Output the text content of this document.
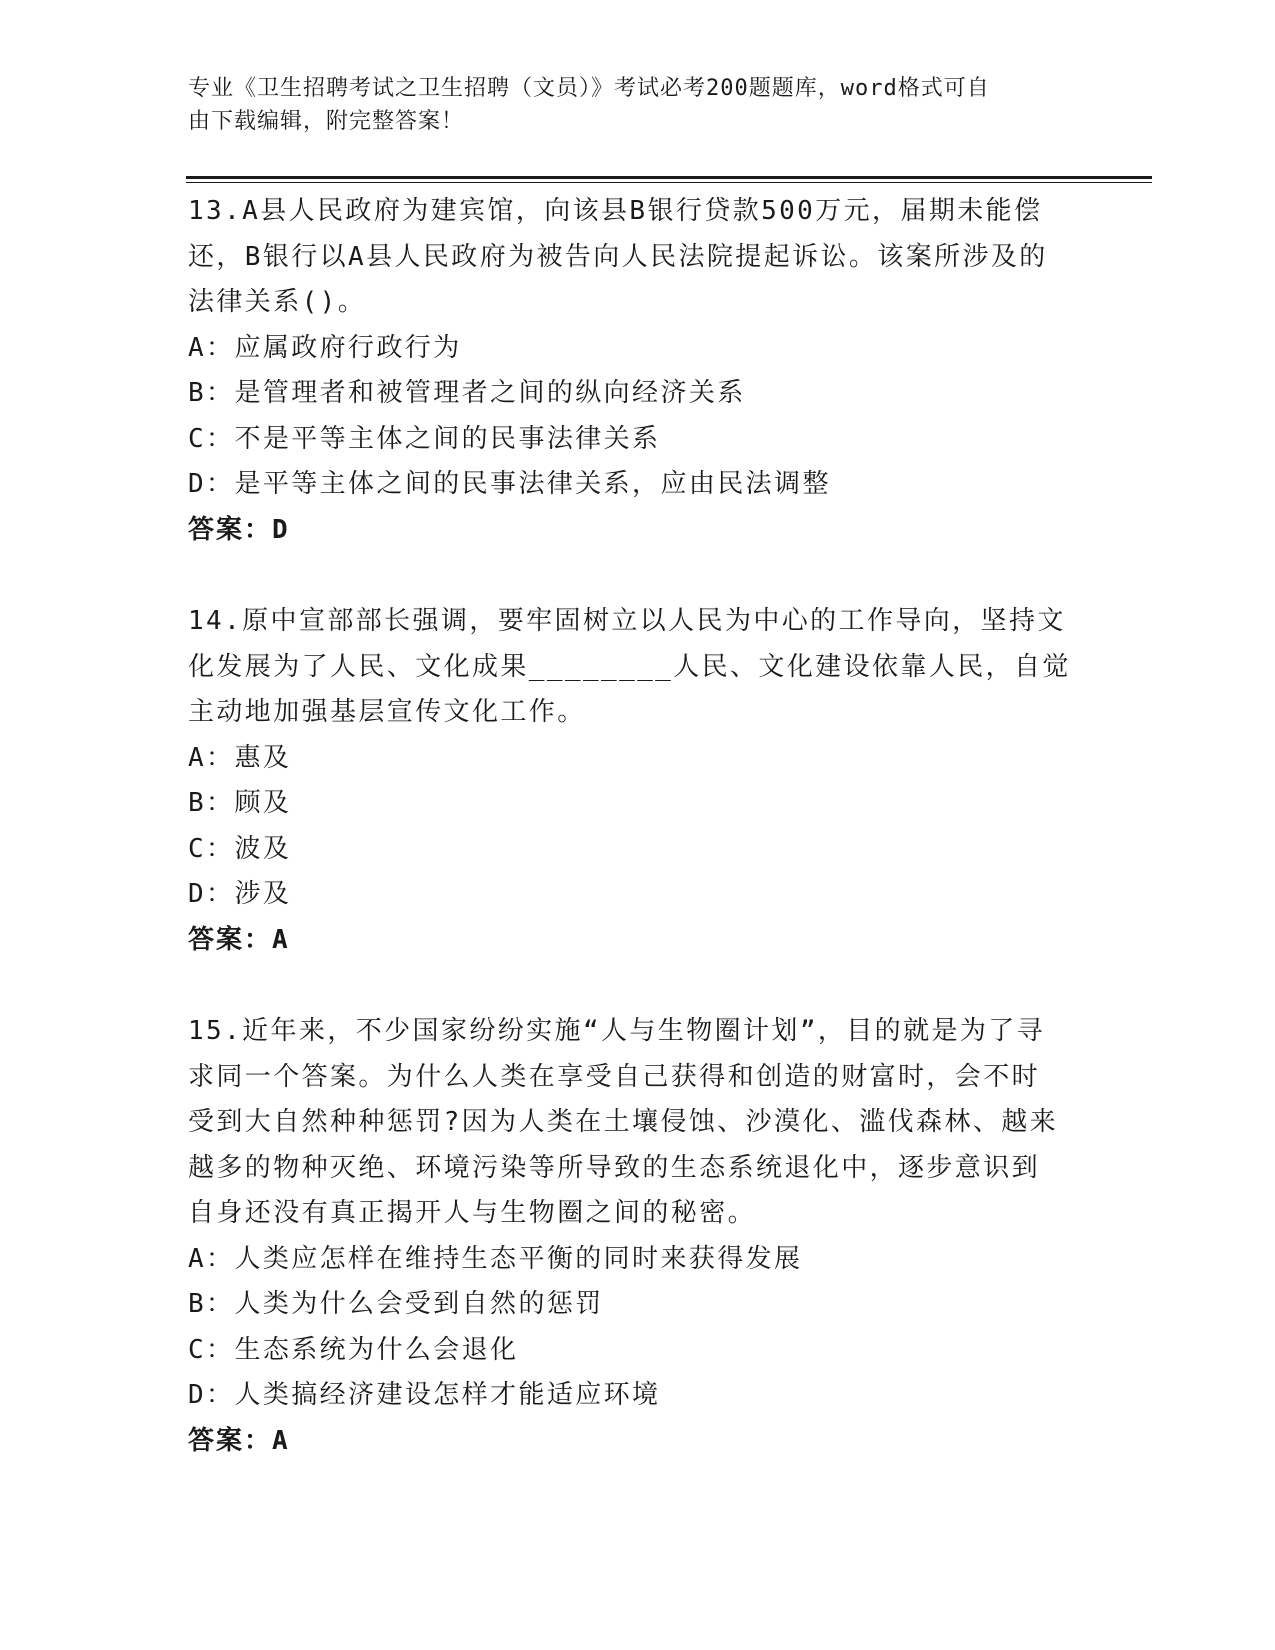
专业《卫生招聘考试之卫生招聘（文员）》考试必考200题题库，word格式可自
由下载编辑，附完整答案！

13.A县人民政府为建宾馆，向该县B银行贷款500万元，届期未能偿

还，B银行以A县人民政府为被告向人民法院提起诉讼。该案所涉及的

法律关系()。

A：应属政府行政行为

B：是管理者和被管理者之间的纵向经济关系

C：不是平等主体之间的民事法律关系

D：是平等主体之间的民事法律关系，应由民法调整

答案：D

14.原中宣部部长强调，要牢固树立以人民为中心的工作导向，坚持文

化发展为了人民、文化成果________人民、文化建设依靠人民，自觉

主动地加强基层宣传文化工作。

A：惠及

B：顾及

C：波及

D：涉及

答案：A

15.近年来，不少国家纷纷实施“人与生物圈计划”，目的就是为了寻

求同一个答案。为什么人类在享受自己获得和创造的财富时，会不时

受到大自然种种惩罚?因为人类在土壤侵蚀、沙漠化、滥伐森林、越来

越多的物种灭绝、环境污染等所导致的生态系统退化中，逐步意识到

自身还没有真正揭开人与生物圈之间的秘密。

A：人类应怎样在维持生态平衡的同时来获得发展

B：人类为什么会受到自然的惩罚

C：生态系统为什么会退化

D：人类搞经济建设怎样才能适应环境

答案：A
